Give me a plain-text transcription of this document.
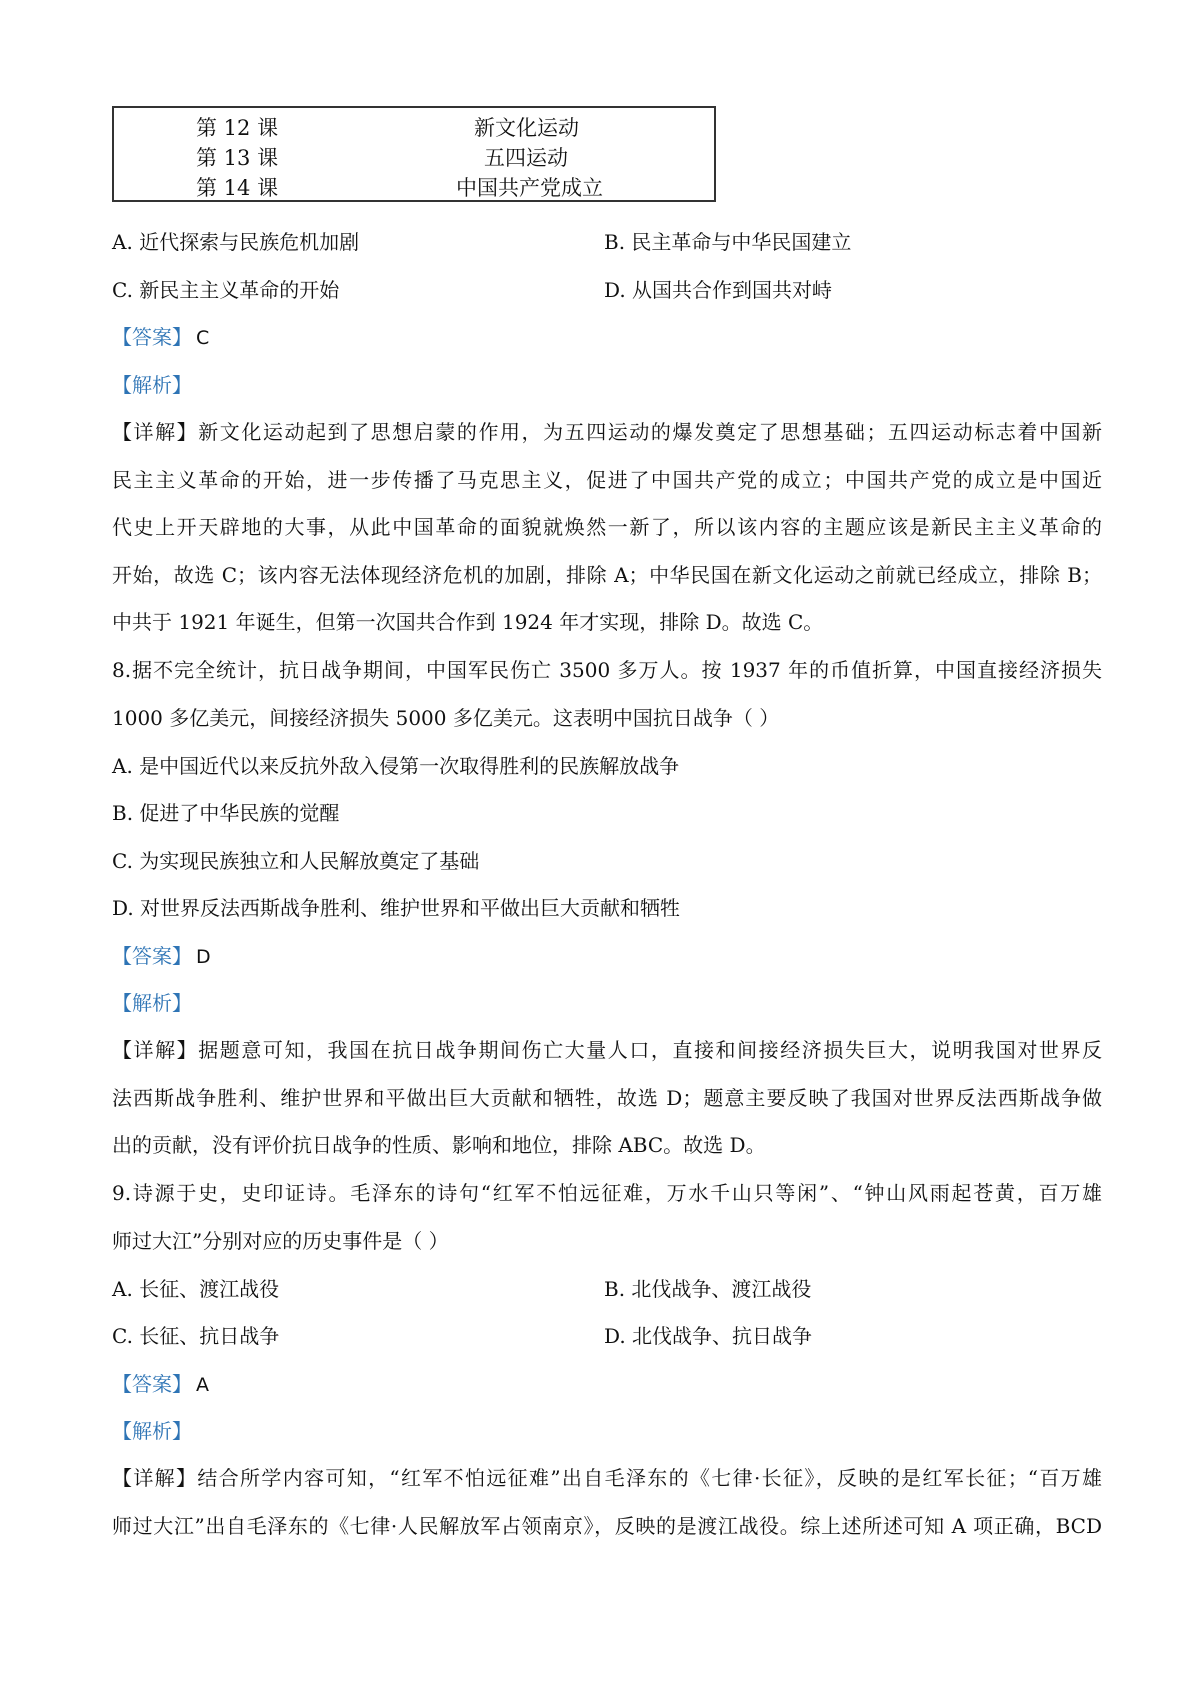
第 12 课	新文化运动
第 13 课	五四运动
第 14 课	中国共产党成立
A. 近代探索与民族危机加剧	B. 民主革命与中华民国建立
C. 新民主主义革命的开始	D. 从国共合作到国共对峙
【答案】 C
【解析】
【详解】新文化运动起到了思想启蒙的作用，为五四运动的爆发奠定了思想基础；五四运动标志着中国新
民主主义革命的开始，进一步传播了马克思主义，促进了中国共产党的成立；中国共产党的成立是中国近
代史上开天辟地的大事，从此中国革命的面貌就焕然一新了，所以该内容的主题应该是新民主主义革命的
开始，故选 C；该内容无法体现经济危机的加剧，排除 A；中华民国在新文化运动之前就已经成立，排除 B；
中共于 1921 年诞生，但第一次国共合作到 1924 年才实现，排除 D。故选 C。
8.据不完全统计，抗日战争期间，中国军民伤亡 3500 多万人。按 1937 年的币值折算，中国直接经济损失
1000 多亿美元，间接经济损失 5000 多亿美元。这表明中国抗日战争（ ）
A. 是中国近代以来反抗外敌入侵第一次取得胜利的民族解放战争
B. 促进了中华民族的觉醒
C. 为实现民族独立和人民解放奠定了基础
D. 对世界反法西斯战争胜利、维护世界和平做出巨大贡献和牺牲
【答案】 D
【解析】
【详解】据题意可知，我国在抗日战争期间伤亡大量人口，直接和间接经济损失巨大，说明我国对世界反
法西斯战争胜利、维护世界和平做出巨大贡献和牺牲，故选 D；题意主要反映了我国对世界反法西斯战争做
出的贡献，没有评价抗日战争的性质、影响和地位，排除 ABC。故选 D。
9.诗源于史，史印证诗。毛泽东的诗句“红军不怕远征难，万水千山只等闲”、“钟山风雨起苍黄，百万雄
师过大江”分别对应的历史事件是（ ）
A. 长征、渡江战役	B. 北伐战争、渡江战役
C. 长征、抗日战争	D. 北伐战争、抗日战争
【答案】 A
【解析】
【详解】结合所学内容可知，“红军不怕远征难”出自毛泽东的《七律·长征》，反映的是红军长征；“百万雄
师过大江”出自毛泽东的《七律·人民解放军占领南京》，反映的是渡江战役。综上述所述可知 A 项正确，BCD
